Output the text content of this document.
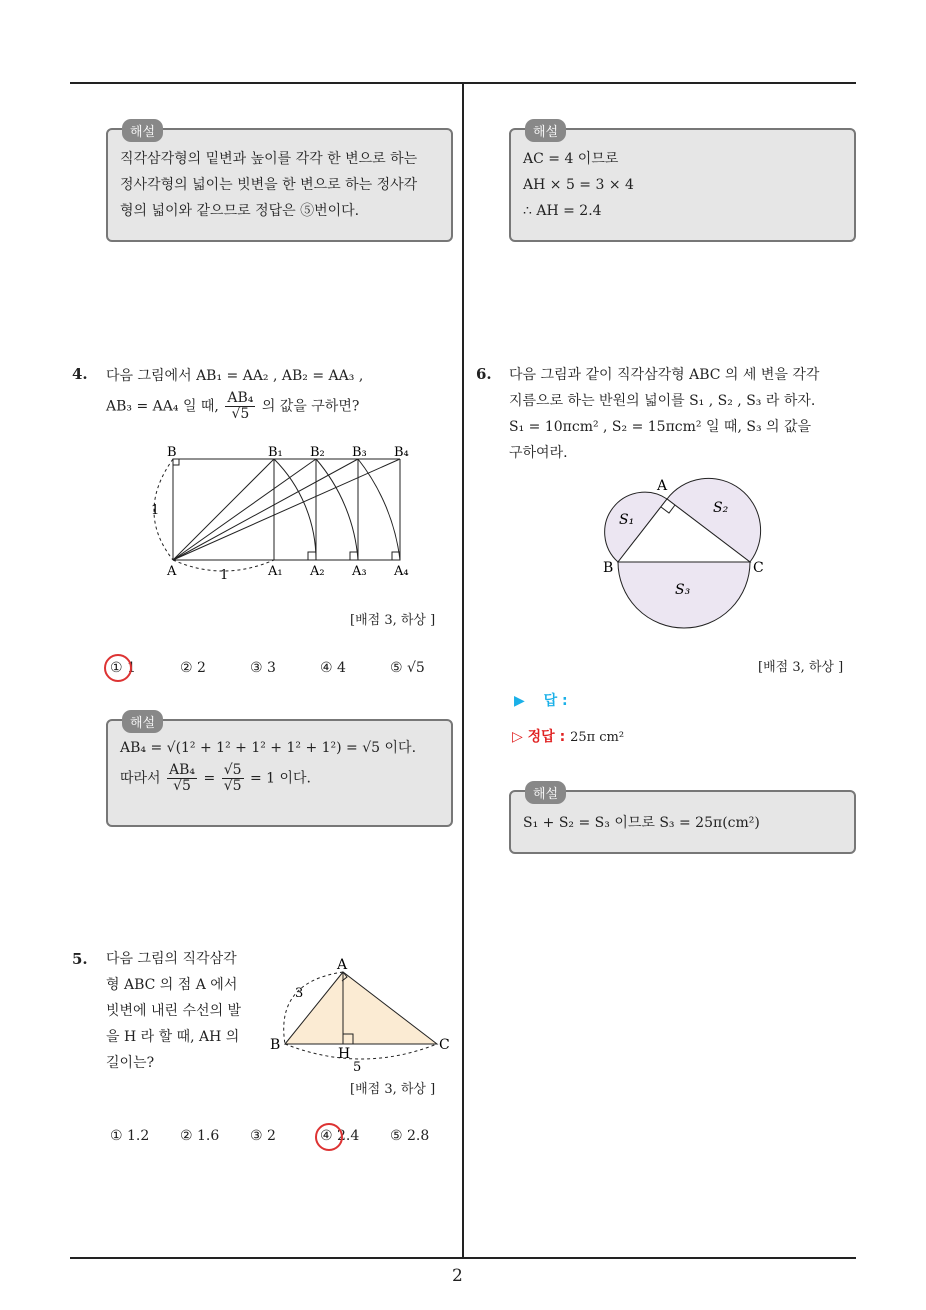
2
해설
직각삼각형의 밑변과 높이를 각각 한 변으로 하는
정사각형의 넓이는 빗변을 한 변으로 하는 정사각
형의 넓이와 같으므로 정답은 ⑤번이다.
4. 다음 그림에서 AB₁ = AA₂ , AB₂ = AA₃ ,
AB₃ = AA₄ 일 때, $\frac{\text{AB₄}}{√5}$ 의 값을 구하면?
B	B₁ B₂ B₃ B₄
A	A₁ A₂ A₃ A₄
1
1
[배점 3, 하상 ]
① 1	② 2	③ 3	④ 4	⑤ √5
해설
AB₄ = √(1² + 1² + 1² + 1² + 1²) = √5 이다.
따라서 $\frac{\text{AB₄}}{√5} = \frac{√5}{√5} = 1$ 이다.
5. 다음 그림의 직각삼각
형 ABC 의 점 A 에서
빗변에 내린 수선의 발
을 H 라 할 때, AH 의
길이는?
A
B	C
H
3
5
[배점 3, 하상 ]
① 1.2 ② 1.6 ③ 2	④ 2.4 ⑤ 2.8
해설
AC = 4 이므로
AH × 5 = 3 × 4
∴ AH = 2.4
6. 다음 그림과 같이 직각삼각형 ABC 의 세 변을 각각
지름으로 하는 반원의 넓이를 S₁ , S₂ , S₃ 라 하자.
S₁ = 10πcm² , S₂ = 15πcm² 일 때, S₃ 의 값을
구하여라.
A
B	C
S₁
S₂
S₃
[배점 3, 하상 ]
▶ 답 :
▷ 정답 : 25π cm²
해설
S₁ + S₂ = S₃ 이므로 S₃ = 25π(cm²)
